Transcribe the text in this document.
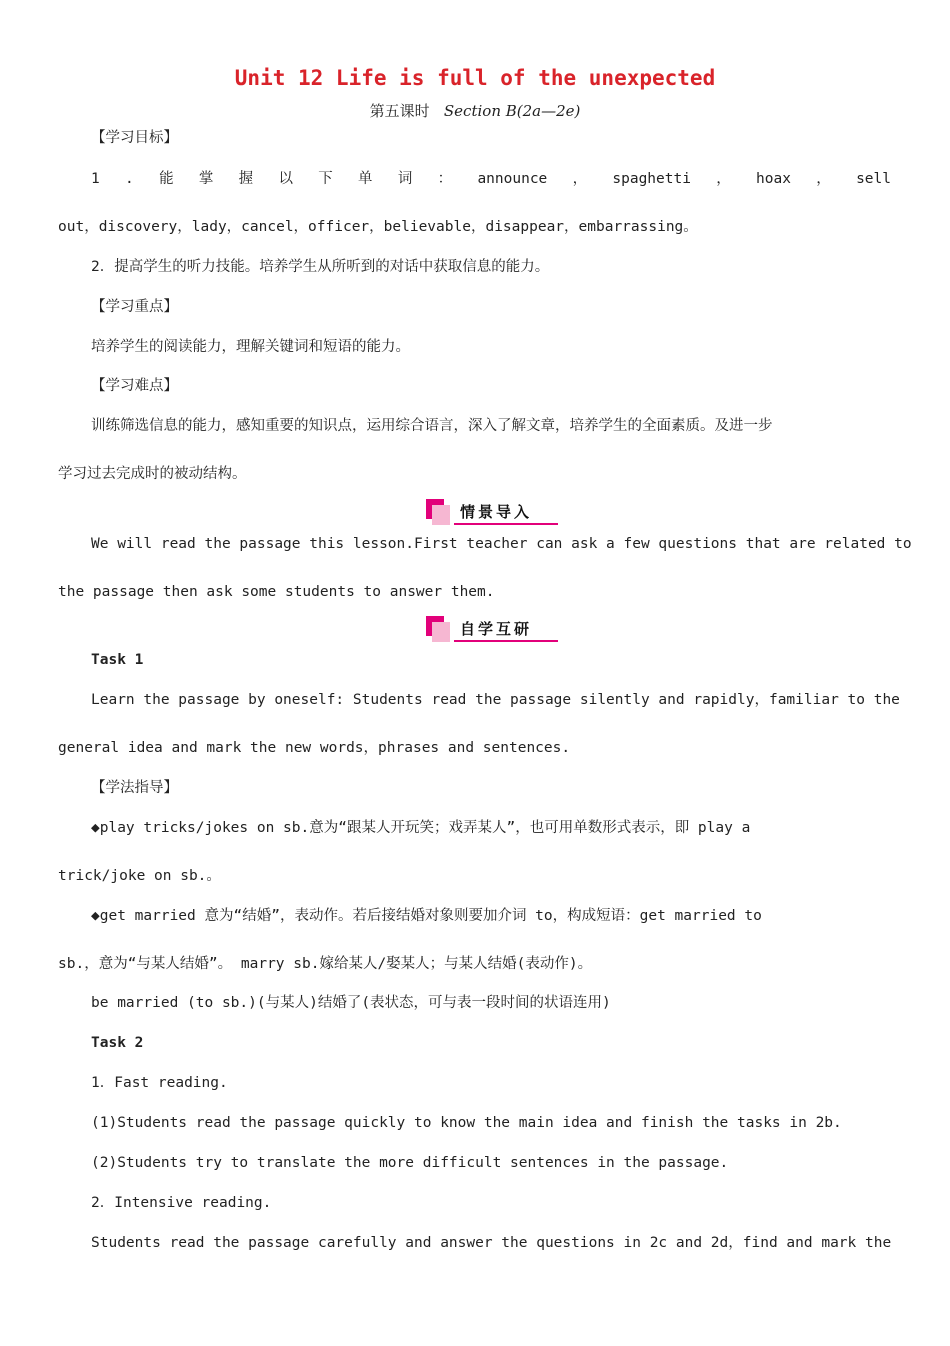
Unit 12 Life is full of the unexpected
第五课时 Section B(2a—2e)
【学习目标】
1 . 能 掌 握 以 下 单 词 ： announce ， spaghetti ， hoax ， sell
out，discovery，lady，cancel，officer，believable，disappear，embarrassing。
2．提高学生的听力技能。培养学生从所听到的对话中获取信息的能力。
【学习重点】
培养学生的阅读能力，理解关键词和短语的能力。
【学习难点】
训练筛选信息的能力，感知重要的知识点，运用综合语言，深入了解文章，培养学生的全面素质。及进一步
学习过去完成时的被动结构。
情景导入
We will read the passage this lesson.First teacher can ask a few questions that are related to
the passage then ask some students to answer them.
自学互研
Task 1
Learn the passage by oneself: Students read the passage silently and rapidly，familiar to the
general idea and mark the new words，phrases and sentences.
【学法指导】
◆play tricks/jokes on sb.意为“跟某人开玩笑；戏弄某人”，也可用单数形式表示，即 play a
trick/joke on sb.。
◆get married 意为“结婚”，表动作。若后接结婚对象则要加介词 to，构成短语：get married to
sb.，意为“与某人结婚”。 marry sb.嫁给某人/娶某人；与某人结婚(表动作)。
be married (to sb.)(与某人)结婚了(表状态，可与表一段时间的状语连用)
Task 2
1．Fast reading.
(1)Students read the passage quickly to know the main idea and finish the tasks in 2b.
(2)Students try to translate the more difficult sentences in the passage.
2．Intensive reading.
Students read the passage carefully and answer the questions in 2c and 2d，find and mark the
